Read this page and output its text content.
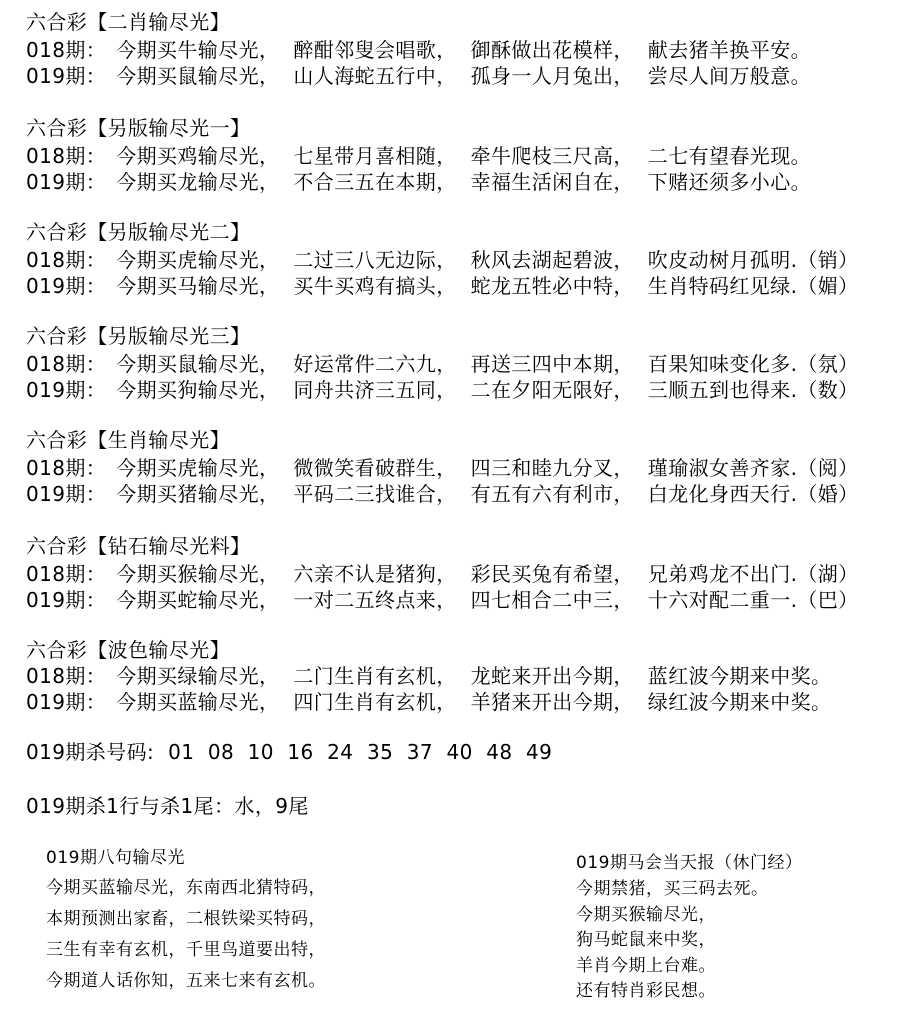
六合彩【二肖输尽光】
018期： 今期买牛输尽光， 醉酣邻叟会唱歌， 御酥做出花模样， 献去猪羊换平安。
019期： 今期买鼠输尽光， 山人海蛇五行中， 孤身一人月兔出， 尝尽人间万般意。
六合彩【另版输尽光一】
018期： 今期买鸡输尽光， 七星带月喜相随， 牵牛爬枝三尺高， 二七有望春光现。
019期： 今期买龙输尽光， 不合三五在本期， 幸福生活闲自在， 下赌还须多小心。
六合彩【另版输尽光二】
018期： 今期买虎输尽光， 二过三八无边际， 秋风去湖起碧波， 吹皮动树月孤明.（销）
019期： 今期买马输尽光， 买牛买鸡有搞头， 蛇龙五牲必中特， 生肖特码红见绿.（媚）
六合彩【另版输尽光三】
018期： 今期买鼠输尽光， 好运常件二六九， 再送三四中本期， 百果知味变化多.（氛）
019期： 今期买狗输尽光， 同舟共济三五同， 二在夕阳无限好， 三顺五到也得来.（数）
六合彩【生肖输尽光】
018期： 今期买虎输尽光， 微微笑看破群生， 四三和睦九分叉， 瑾瑜淑女善齐家.（阅）
019期： 今期买猪输尽光， 平码二三找谁合， 有五有六有利市， 白龙化身西天行.（婚）
六合彩【钻石输尽光料】
018期： 今期买猴输尽光， 六亲不认是猪狗， 彩民买兔有希望， 兄弟鸡龙不出门.（湖）
019期： 今期买蛇输尽光， 一对二五终点来， 四七相合二中三， 十六对配二重一.（巴）
六合彩【波色输尽光】
018期： 今期买绿输尽光， 二门生肖有玄机， 龙蛇来开出今期， 蓝红波今期来中奖。
019期： 今期买蓝输尽光， 四门生肖有玄机， 羊猪来开出今期， 绿红波今期来中奖。
019期杀号码: 01  08  10  16  24  35  37  40  48  49
019期杀1行与杀1尾：水，9尾
019期八句输尽光
今期买蓝输尽光，东南西北猜特码，
本期预测出家畜，二根铁梁买特码，
三生有幸有玄机，千里鸟道要出特，
今期道人话你知，五来七来有玄机。
019期马会当天报（休门经）
今期禁猪，买三码去死。
今期买猴输尽光，
狗马蛇鼠来中奖，
羊肖今期上台难。
还有特肖彩民想。
